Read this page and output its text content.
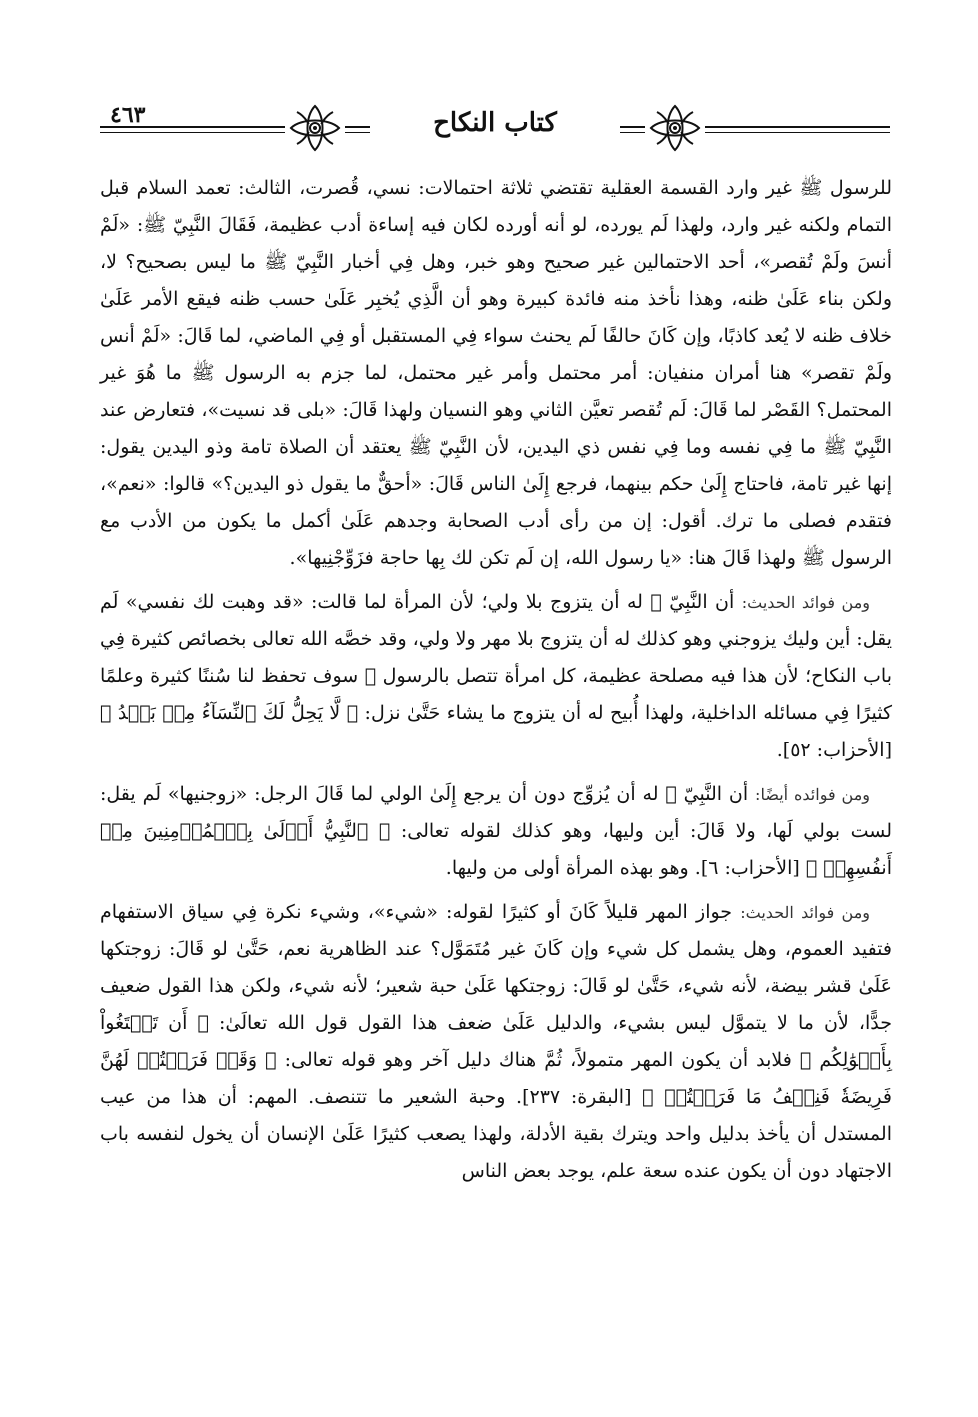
٤٦٣	كتاب النكاح

للرسول ﷺ غير وارد القسمة العقلية تقتضي ثلاثة احتمالات: نسي، قُصرت، الثالث: تعمد السلام قبل التمام ولكنه غير وارد، ولهذا لَم يورده، لو أنه أورده لكان فيه إساءة أدب عظيمة، فَقَالَ النَّبِيّ ﷺ: «لَمْ أنسَ ولَمْ تُقصر»، أحد الاحتمالين غير صحيح وهو خبر، وهل فِي أخبار النَّبِيّ ﷺ ما ليس بصحيح؟ لا، ولكن بناء عَلَىٰ ظنه، وهذا نأخذ منه فائدة كبيرة وهو أن الَّذِي يُخبِر عَلَىٰ حسب ظنه فيقع الأمر عَلَىٰ خلاف ظنه لا يُعد كاذبًا، وإن كَانَ حالفًا لَم يحنث سواء فِي المستقبل أو فِي الماضي، لما قَالَ: «لَمْ أنس ولَمْ تقصر» هنا أمران منفيان: أمر محتمل وأمر غير محتمل، لما جزم به الرسول ﷺ ما هُوَ غير المحتمل؟ القَصْر لما قَالَ: لَم تُقصر تعيَّن الثاني وهو النسيان ولهذا قَالَ: «بلى قد نسيت»، فتعارض عند النَّبِيّ ﷺ ما فِي نفسه وما فِي نفس ذي اليدين، لأن النَّبِيّ ﷺ يعتقد أن الصلاة تامة وذو اليدين يقول: إنها غير تامة، فاحتاج إِلَىٰ حكم بينهما، فرجع إِلَىٰ الناس قَالَ: «أحقٌّ ما يقول ذو اليدين؟» قالوا: «نعم»، فتقدم فصلى ما ترك. أقول: إن من رأى أدب الصحابة وجدهم عَلَىٰ أكمل ما يكون من الأدب مع الرسول ﷺ ولهذا قَالَ هنا: «يا رسول الله، إن لَم تكن لك بِها حاجة فزَوِّجْنِيها».

ومن فوائد الحديث: أن النَّبِيّ ﷺ له أن يتزوج بلا ولي؛ لأن المرأة لما قالت: «قد وهبت لك نفسي» لَم يقل: أين وليك يزوجني وهو كذلك له أن يتزوج بلا مهر ولا ولي، وقد خصَّه الله تعالى بخصائص كثيرة فِي باب النكاح؛ لأن هذا فيه مصلحة عظيمة، كل امرأة تتصل بالرسول ﷺ سوف تحفظ لنا سُننًا كثيرة وعلمًا كثيرًا فِي مسائله الداخلية، ولهذا أُبيح له أن يتزوج ما يشاء حَتَّىٰ نزل: ﴿ لَّا يَحِلُّ لَكَ ٱلنِّسَآءُ مِنۢ بَعۡدُ ﴾ [الأحزاب: ٥٢].

ومن فوائده أيضًا: أن النَّبِيّ ﷺ له أن يُزوِّج دون أن يرجع إِلَىٰ الولي لما قَالَ الرجل: «زوجنيها» لَم يقل: لست بولي لَها، ولا قَالَ: أين وليها، وهو كذلك لقوله تعالى: ﴿ ٱلنَّبِيُّ أَوۡلَىٰ بِٱلۡمُؤۡمِنِينَ مِنۡ أَنفُسِهِمۡ ﴾ [الأحزاب: ٦]. وهو بهذه المرأة أولى من وليها.

ومن فوائد الحديث: جواز المهر قليلاً كَانَ أو كثيرًا لقوله: «شيء»، وشيء نكرة فِي سياق الاستفهام فتفيد العموم، وهل يشمل كل شيء وإن كَانَ غير مُتَمَوَّل؟ عند الظاهرية نعم، حَتَّىٰ لو قَالَ: زوجتكها عَلَىٰ قشر بيضة، لأنه شيء، حَتَّىٰ لو قَالَ: زوجتكها عَلَىٰ حبة شعير؛ لأنه شيء، ولكن هذا القول ضعيف جدًّا، لأن ما لا يتموَّل ليس بشيء، والدليل عَلَىٰ ضعف هذا القول قول الله تعالَىٰ: ﴿ أَن تَبۡتَغُواْ بِأَمۡوَٰلِكُم ﴾ فلابد أن يكون المهر متمولاً، ثُمَّ هناك دليل آخر وهو قوله تعالى: ﴿ وَقَدۡ فَرَضۡتُمۡ لَهُنَّ فَرِيضَةٗ فَنِصۡفُ مَا فَرَضۡتُمۡ ﴾ [البقرة: ٢٣٧]. وحبة الشعير ما تتنصف. المهم: أن هذا من عيب المستدل أن يأخذ بدليل واحد ويترك بقية الأدلة، ولهذا يصعب كثيرًا عَلَىٰ الإنسان أن يخول لنفسه باب الاجتهاد دون أن يكون عنده سعة علم، يوجد بعض الناس
